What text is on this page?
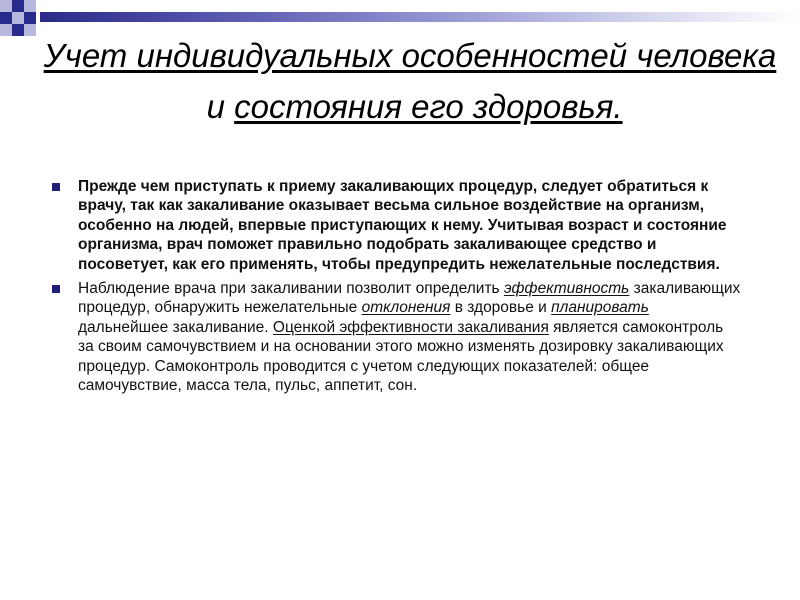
Учет индивидуальных особенностей человека и состояния его здоровья.
Прежде чем приступать к приему закаливающих процедур, следует обратиться к врачу, так как закаливание оказывает весьма сильное воздействие на организм, особенно на людей, впервые приступающих к нему. Учитывая возраст и состояние организма, врач поможет правильно подобрать закаливающее средство и посоветует, как его применять, чтобы предупредить нежелательные последствия.
Наблюдение врача при закаливании позволит определить эффективность закаливающих процедур, обнаружить нежелательные отклонения в здоровье и планировать дальнейшее закаливание. Оценкой эффективности закаливания является самоконтроль за своим самочувствием и на основании этого можно изменять дозировку закаливающих процедур. Самоконтроль проводится с учетом следующих показателей: общее самочувствие, масса тела, пульс, аппетит, сон.
